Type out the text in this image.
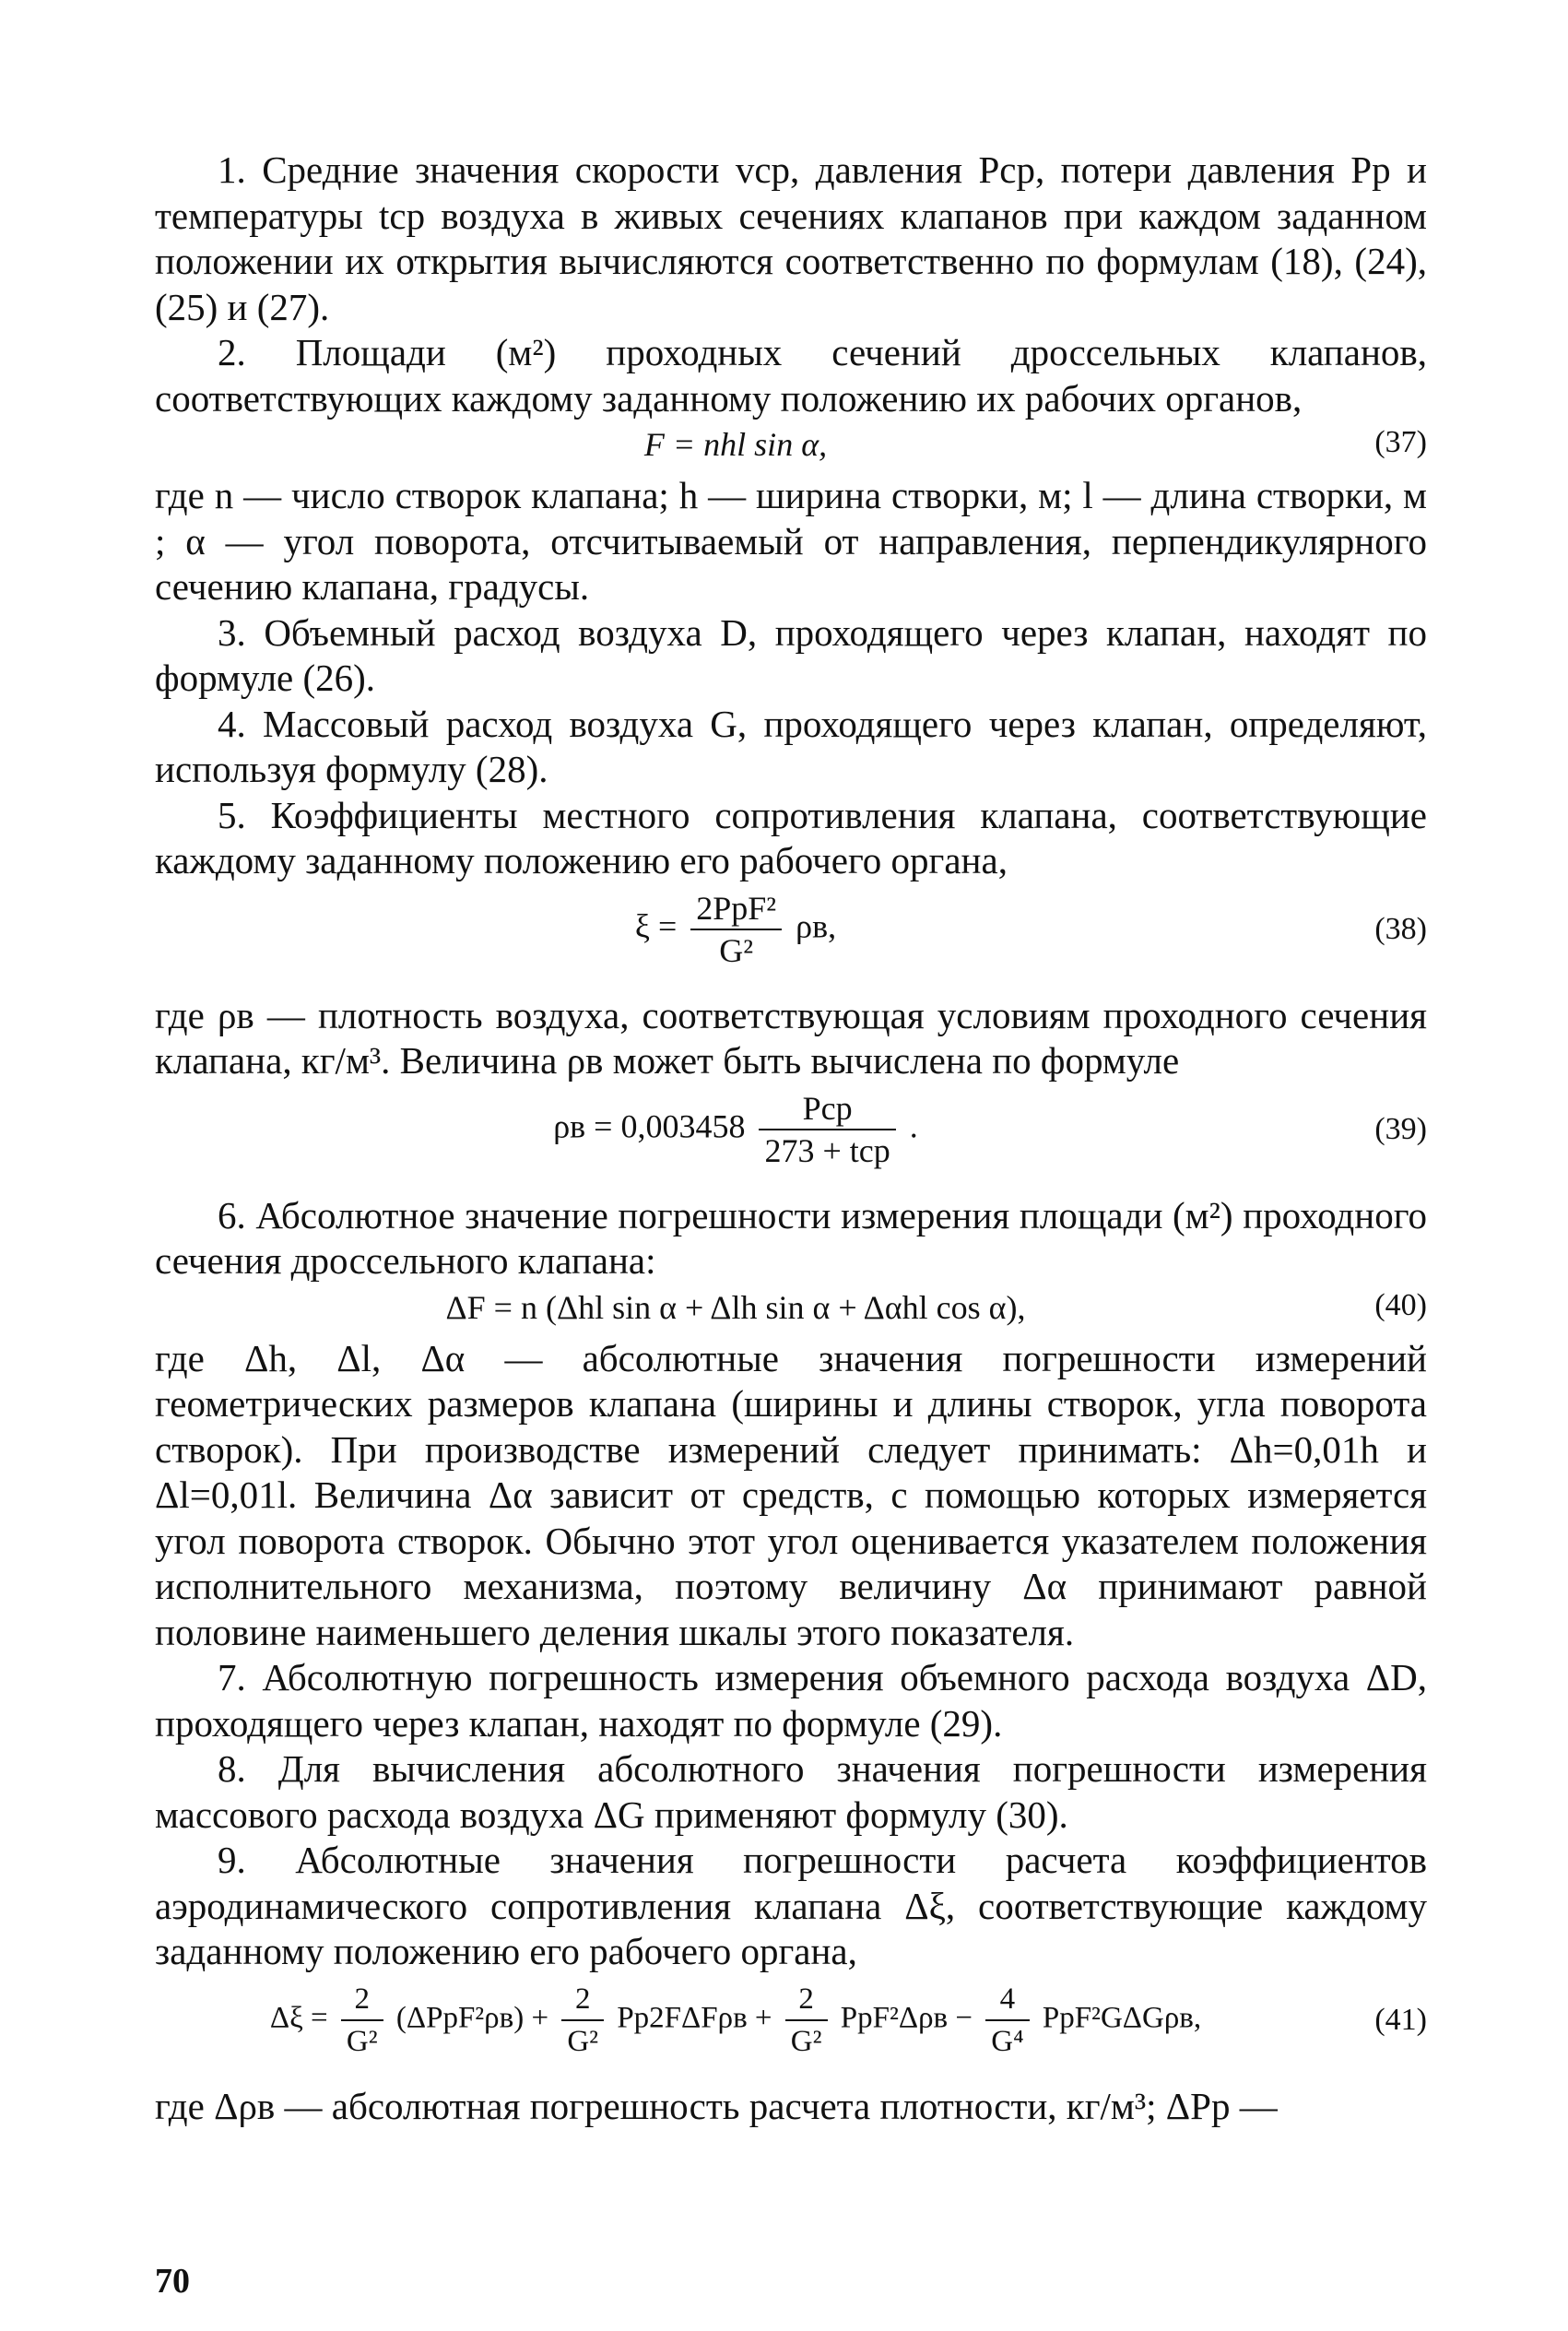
1. Средние значения скорости vср, давления Pср, потери давления Pр и температуры tср воздуха в живых сечениях клапанов при каждом заданном положении их открытия вычисляются соответственно по формулам (18), (24), (25) и (27).

2. Площади (м²) проходных сечений дроссельных клапанов, соответствующих каждому заданному положению их рабочих органов,

F = nhl sin α,	(37)

где n — число створок клапана; h — ширина створки, м; l — длина створки, м ; α — угол поворота, отсчитываемый от направления, перпендикулярного сечению клапана, градусы.

3. Объемный расход воздуха D, проходящего через клапан, находят по формуле (26).

4. Массовый расход воздуха G, проходящего через клапан, определяют, используя формулу (28).

5. Коэффициенты местного сопротивления клапана, соответствующие каждому заданному положению его рабочего органа,

$\xi = \frac{\text{2PрF²}}{\text{G²}} \rho в$,	(38)

где ρв — плотность воздуха, соответствующая условиям проходного сечения клапана, кг/м³. Величина ρв может быть вычислена по формуле

$\rho в = 0,003458 \frac{\text{Pср}}{\text{273 + tср}}$ .	(39)

6. Абсолютное значение погрешности измерения площади (м²) проходного сечения дроссельного клапана:

ΔF = n (Δhl sin α + Δlh sin α + Δαhl cos α),	(40)

где Δh, Δl, Δα — абсолютные значения погрешности измерений геометрических размеров клапана (ширины и длины створок, угла поворота створок). При производстве измерений следует принимать: Δh=0,01h и Δl=0,01l. Величина Δα зависит от средств, с помощью которых измеряется угол поворота створок. Обычно этот угол оценивается указателем положения исполнительного механизма, поэтому величину Δα принимают равной половине наименьшего деления шкалы этого показателя.

7. Абсолютную погрешность измерения объемного расхода воздуха ΔD, проходящего через клапан, находят по формуле (29).

8. Для вычисления абсолютного значения погрешности измерения массового расхода воздуха ΔG применяют формулу (30).

9. Абсолютные значения погрешности расчета коэффициентов аэродинамического сопротивления клапана Δξ, соответствующие каждому заданному положению его рабочего органа,

$\Delta\xi = \frac{2}{\text{G²}} (\Delta PрF^2\rho в) + \frac{2}{\text{G²}} Pр2F\Delta F\rho в + \frac{2}{\text{G²}} PрF^2\Delta\rho в - \frac{4}{\text{G⁴}} PрF^2G\Delta G\rho в$,	(41)

где Δρв — абсолютная погрешность расчета плотности, кг/м³; ΔPр —

70
